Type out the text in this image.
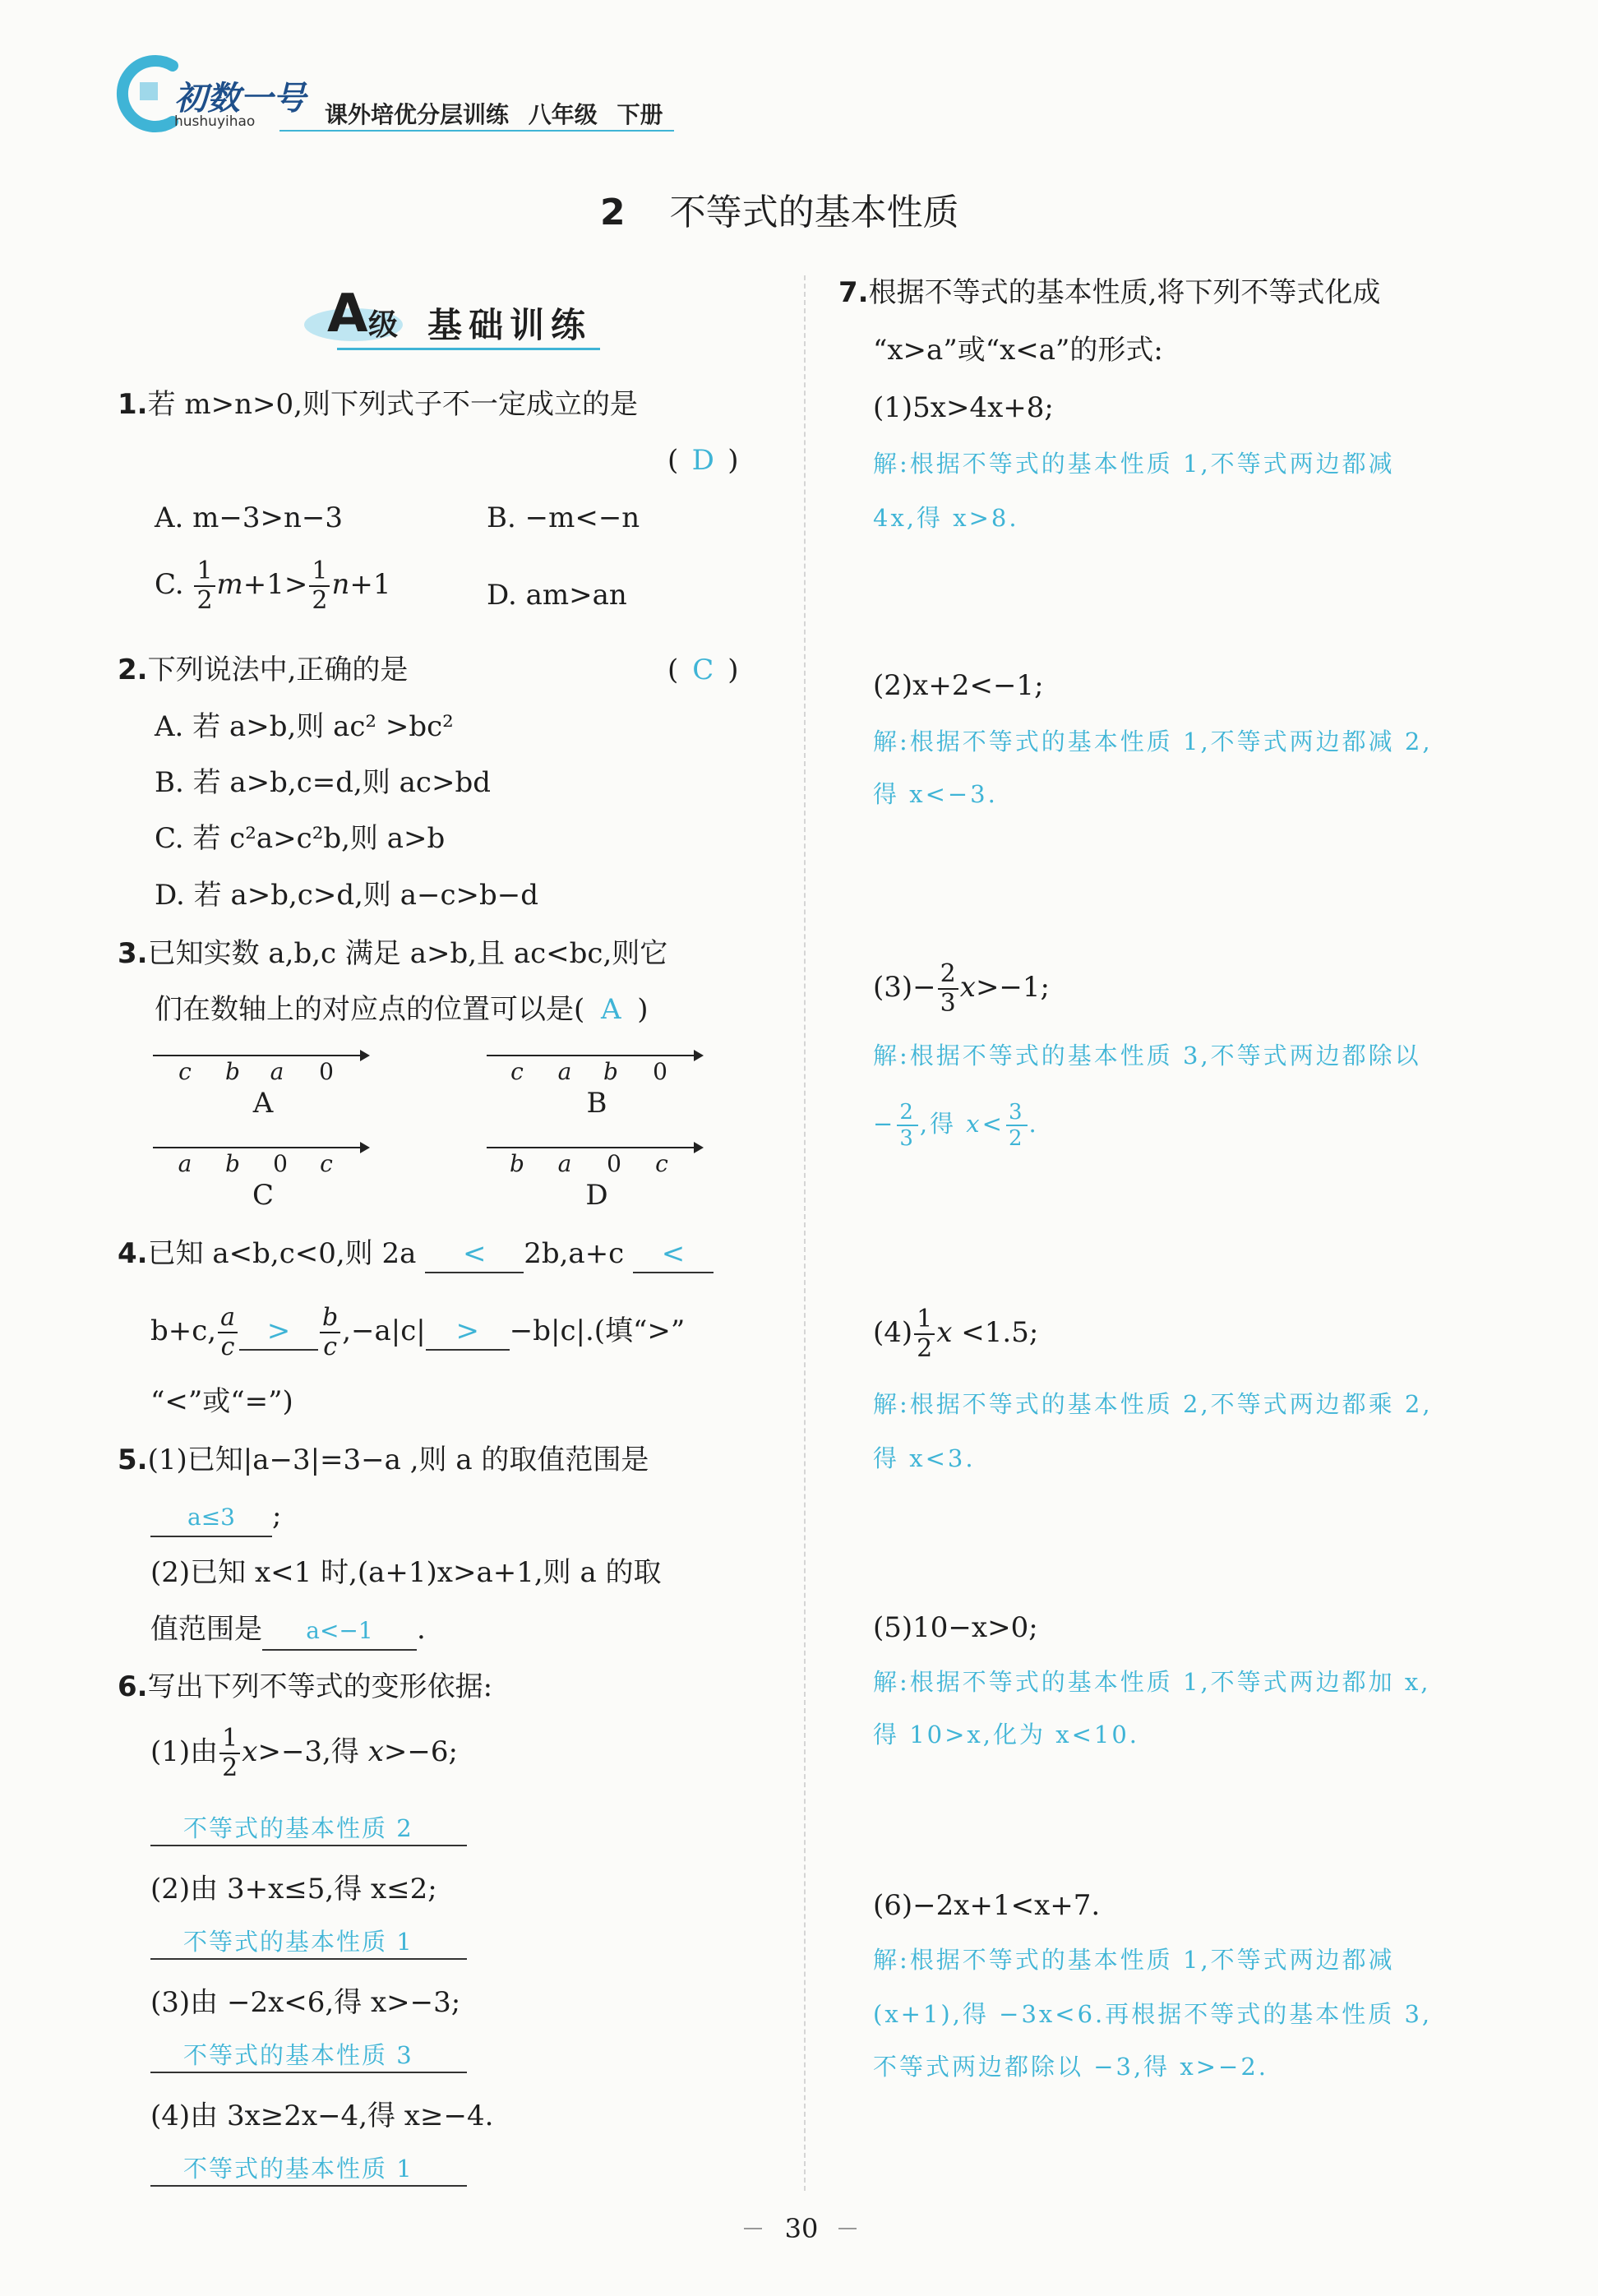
初数一号
hushuyihao	课外培优分层训练 八年级 下册
2 不等式的基本性质
A 级 基础训练
1.若 m>n>0,则下列式子不一定成立的是
( D )
A. m−3>n−3	B. −m<−n
C. $\frac{1}{2} m+1> \frac{1}{2} n+1$	D. am>an
2.下列说法中,正确的是	( C )
A. 若 a>b,则 ac² >bc²
B. 若 a>b,c=d,则 ac>bd
C. 若 c²a>c²b,则 a>b
D. 若 a>b,c>d,则 a−c>b−d
3.已知实数 a,b,c 满足 a>b,且 ac<bc,则它
们在数轴上的对应点的位置可以是( A )
c b a 0
A
c a b 0
B
a b 0 c
C
b a 0 c
D
4.已知 a<b,c<0,则 2a < 2b,a+c <
b+c, $\frac{a}{c} > \frac{b}{c} ,-a|c| > -b|c|$.(填“>”
“<”或“=”)
5.(1)已知|a−3|=3−a ,则 a 的取值范围是
a≤3 ;
(2)已知 x<1 时,(a+1)x>a+1,则 a 的取
值范围是 a<−1 .
6.写出下列不等式的变形依据:
(1)由 $\frac{1}{2} x>-3$,得 x>−6;
不等式的基本性质 2
(2)由 3+x≤5,得 x≤2;
不等式的基本性质 1
(3)由 −2x<6,得 x>−3;
不等式的基本性质 3
(4)由 3x≥2x−4,得 x≥−4.
不等式的基本性质 1
7.根据不等式的基本性质,将下列不等式化成
“x>a”或“x<a”的形式:
(1)5x>4x+8;
解:根据不等式的基本性质 1,不等式两边都减
4x,得 x>8.
(2)x+2<−1;
解:根据不等式的基本性质 1,不等式两边都减 2,
得 x<−3.
$(3)- \frac{2}{3} x>-1$;
解:根据不等式的基本性质 3,不等式两边都除以
− $\frac{2}{3}$ ,得 $x< \frac{3}{2}$ .
$(4) \frac{1}{2}$ x <1.5;
解:根据不等式的基本性质 2,不等式两边都乘 2,
得 x<3.
(5)10−x>0;
解:根据不等式的基本性质 1,不等式两边都加 x,
得 10>x,化为 x<10.
(6)−2x+1<x+7.
解:根据不等式的基本性质 1,不等式两边都减
(x+1),得 −3x<6.再根据不等式的基本性质 3,
不等式两边都除以 −3,得 x>−2.
30
